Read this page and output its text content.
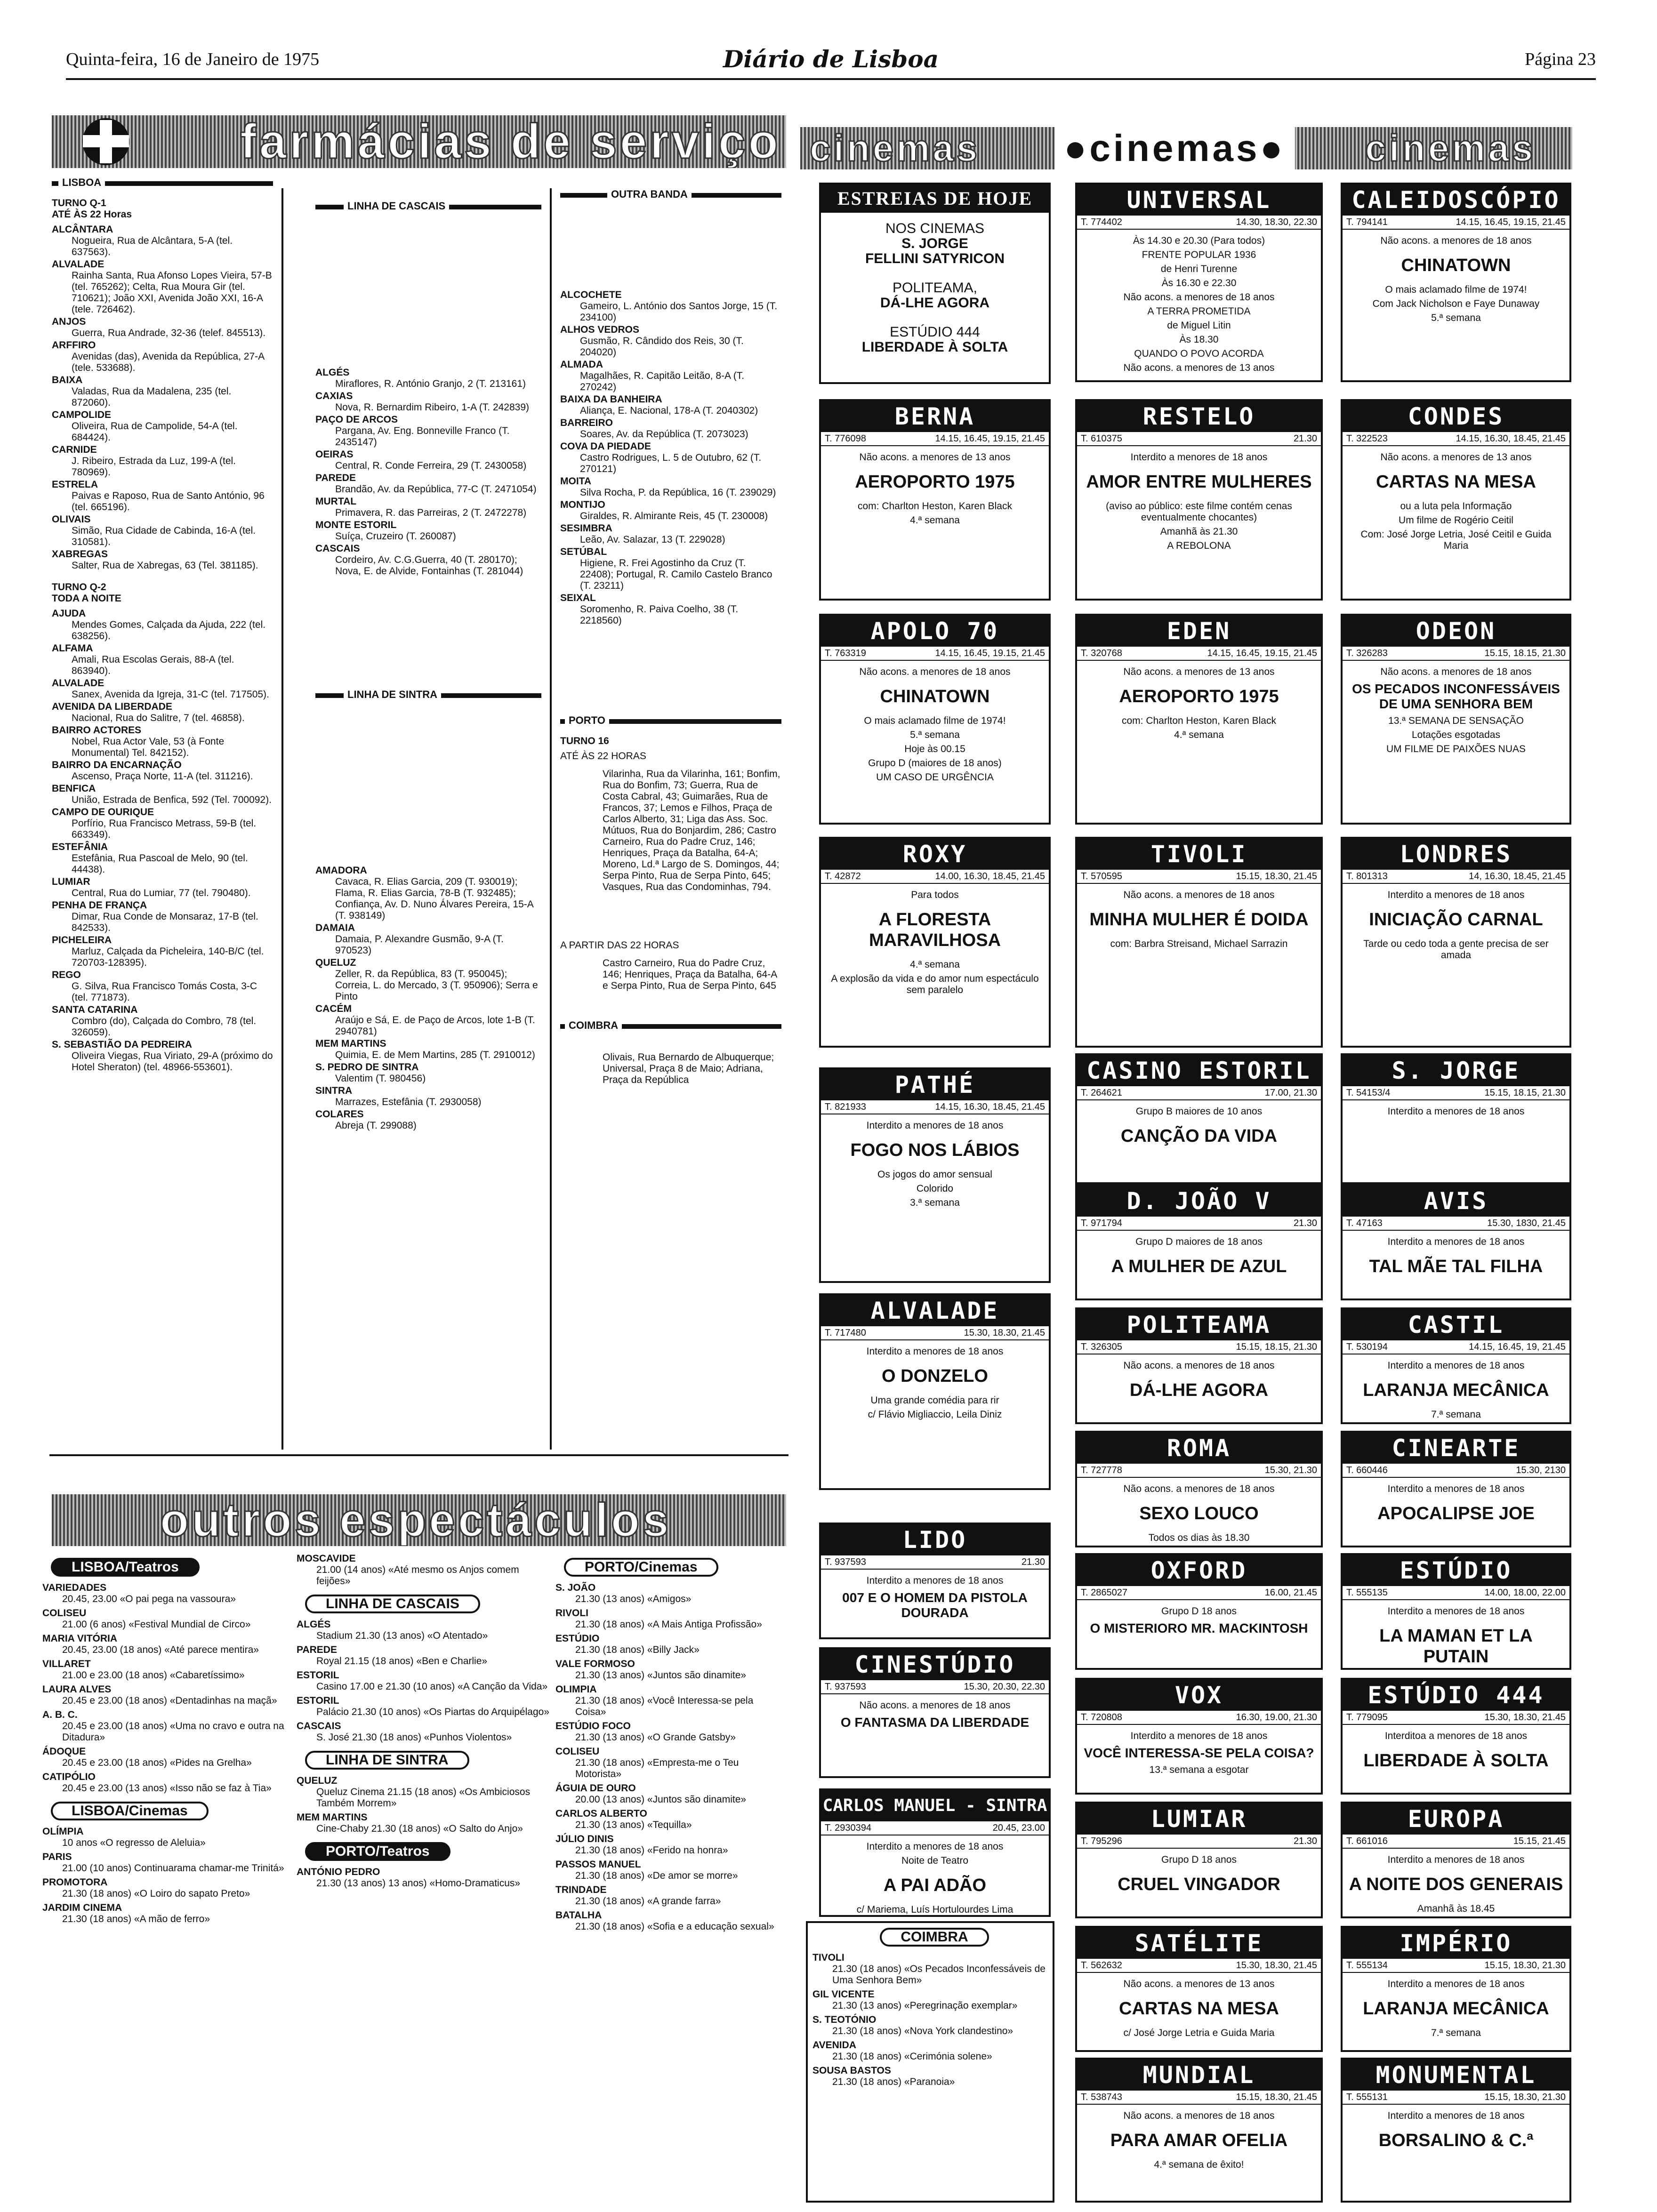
Quinta-feira, 16 de Janeiro de 1975	Diário de Lisboa	Página 23
farmácias de serviço
LISBOA
TURNO Q-1
ATÉ ÀS 22 Horas
ALCÂNTARA
Nogueira, Rua de Alcântara, 5-A (tel. 637563).
ALVALADE
Rainha Santa, Rua Afonso Lopes Vieira, 57-B (tel. 765262); Celta, Rua Moura Gir (tel. 710621); João XXI, Avenida João XXI, 16-A (tele. 726462).
ANJOS
Guerra, Rua Andrade, 32-36 (telef. 845513).
ARFFIRO
Avenidas (das), Avenida da República, 27-A (tele. 533688).
BAIXA
Valadas, Rua da Madalena, 235 (tel. 872060).
CAMPOLIDE
Oliveira, Rua de Campolide, 54-A (tel. 684424).
CARNIDE
J. Ribeiro, Estrada da Luz, 199-A (tel. 780969).
ESTRELA
Paivas e Raposo, Rua de Santo António, 96 (tel. 665196).
OLIVAIS
Simão, Rua Cidade de Cabinda, 16-A (tel. 310581).
XABREGAS
Salter, Rua de Xabregas, 63 (Tel. 381185).
TURNO Q-2
TODA A NOITE
AJUDA
Mendes Gomes, Calçada da Ajuda, 222 (tel. 638256).
ALFAMA
Amali, Rua Escolas Gerais, 88-A (tel. 863940).
ALVALADE
Sanex, Avenida da Igreja, 31-C (tel. 717505).
AVENIDA DA LIBERDADE
Nacional, Rua do Salitre, 7 (tel. 46858).
BAIRRO ACTORES
Nobel, Rua Actor Vale, 53 (à Fonte Monumental) Tel. 842152).
BAIRRO DA ENCARNAÇÃO
Ascenso, Praça Norte, 11-A (tel. 311216).
BENFICA
União, Estrada de Benfica, 592 (Tel. 700092).
CAMPO DE OURIQUE
Porfírio, Rua Francisco Metrass, 59-B (tel. 663349).
ESTEFÂNIA
Estefânia, Rua Pascoal de Melo, 90 (tel. 44438).
LUMIAR
Central, Rua do Lumiar, 77 (tel. 790480).
PENHA DE FRANÇA
Dimar, Rua Conde de Monsaraz, 17-B (tel. 842533).
PICHELEIRA
Marluz, Calçada da Picheleira, 140-B/C (tel. 720703-128395).
REGO
G. Silva, Rua Francisco Tomás Costa, 3-C (tel. 771873).
SANTA CATARINA
Combro (do), Calçada do Combro, 78 (tel. 326059).
S. SEBASTIÃO DA PEDREIRA
Oliveira Viegas, Rua Viriato, 29-A (próximo do Hotel Sheraton) (tel. 48966-553601).
LINHA DE CASCAIS
ALGÉS
Miraflores, R. António Granjo, 2 (T. 213161)
CAXIAS
Nova, R. Bernardim Ribeiro, 1-A (T. 242839)
PAÇO DE ARCOS
Pargana, Av. Eng. Bonneville Franco (T. 2435147)
OEIRAS
Central, R. Conde Ferreira, 29 (T. 2430058)
PAREDE
Brandão, Av. da República, 77-C (T. 2471054)
MURTAL
Primavera, R. das Parreiras, 2 (T. 2472278)
MONTE ESTORIL
Suíça, Cruzeiro (T. 260087)
CASCAIS
Cordeiro, Av. C.G.Guerra, 40 (T. 280170); Nova, E. de Alvide, Fontainhas (T. 281044)
LINHA DE SINTRA
AMADORA
Cavaca, R. Elias Garcia, 209 (T. 930019); Flama, R. Elias Garcia, 78-B (T. 932485); Confiança, Av. D. Nuno Álvares Pereira, 15-A (T. 938149)
DAMAIA
Damaia, P. Alexandre Gusmão, 9-A (T. 970523)
QUELUZ
Zeller, R. da República, 83 (T. 950045); Correia, L. do Mercado, 3 (T. 950906); Serra e Pinto
CACÉM
Araújo e Sá, E. de Paço de Arcos, lote 1-B (T. 2940781)
MEM MARTINS
Quimia, E. de Mem Martins, 285 (T. 2910012)
S. PEDRO DE SINTRA
Valentim (T. 980456)
SINTRA
Marrazes, Estefânia (T. 2930058)
COLARES
Abreja (T. 299088)
OUTRA BANDA
ALCOCHETE
Gameiro, L. António dos Santos Jorge, 15 (T. 234100)
ALHOS VEDROS
Gusmão, R. Cândido dos Reis, 30 (T. 204020)
ALMADA
Magalhães, R. Capitão Leitão, 8-A (T. 270242)
BAIXA DA BANHEIRA
Aliança, E. Nacional, 178-A (T. 2040302)
BARREIRO
Soares, Av. da República (T. 2073023)
COVA DA PIEDADE
Castro Rodrigues, L. 5 de Outubro, 62 (T. 270121)
MOITA
Silva Rocha, P. da República, 16 (T. 239029)
MONTIJO
Giraldes, R. Almirante Reis, 45 (T. 230008)
SESIMBRA
Leão, Av. Salazar, 13 (T. 229028)
SETÚBAL
Higiene, R. Frei Agostinho da Cruz (T. 22408); Portugal, R. Camilo Castelo Branco (T. 23211)
SEIXAL
Soromenho, R. Paiva Coelho, 38 (T. 2218560)
PORTO
TURNO 16
ATÉ ÀS 22 HORAS
Vilarinha, Rua da Vilarinha, 161; Bonfim, Rua do Bonfim, 73; Guerra, Rua de Costa Cabral, 43; Guimarães, Rua de Francos, 37; Lemos e Filhos, Praça de Carlos Alberto, 31; Liga das Ass. Soc. Mútuos, Rua do Bonjardim, 286; Castro Carneiro, Rua do Padre Cruz, 146; Henriques, Praça da Batalha, 64-A; Moreno, Ld.ª Largo de S. Domingos, 44; Serpa Pinto, Rua de Serpa Pinto, 645; Vasques, Rua das Condominhas, 794.
A PARTIR DAS 22 HORAS
Castro Carneiro, Rua do Padre Cruz, 146; Henriques, Praça da Batalha, 64-A e Serpa Pinto, Rua de Serpa Pinto, 645
COIMBRA
Olivais, Rua Bernardo de Albuquerque; Universal, Praça 8 de Maio; Adriana, Praça da República
outros espectáculos
LISBOA/Teatros
VARIEDADES
20.45, 23.00 «O pai pega na vassoura»
COLISEU
21.00 (6 anos) «Festival Mundial de Circo»
MARIA VITÓRIA
20.45, 23.00 (18 anos) «Até parece mentira»
VILLARET
21.00 e 23.00 (18 anos) «Cabaretíssimo»
LAURA ALVES
20.45 e 23.00 (18 anos) «Dentadinhas na maçã»
A. B. C.
20.45 e 23.00 (18 anos) «Uma no cravo e outra na Ditadura»
ÁDOQUE
20.45 e 23.00 (18 anos) «Pides na Grelha»
CATIPÓLIO
20.45 e 23.00 (13 anos) «Isso não se faz à Tia»
LISBOA/Cinemas
OLÍMPIA
10 anos «O regresso de Aleluia»
PARIS
21.00 (10 anos) Continuarama chamar-me Trinitá»
PROMOTORA
21.30 (18 anos) «O Loiro do sapato Preto»
JARDIM CINEMA
21.30 (18 anos) «A mão de ferro»
MOSCAVIDE
21.00 (14 anos) «Até mesmo os Anjos comem feijões»
LINHA DE CASCAIS
ALGÉS
Stadium 21.30 (13 anos) «O Atentado»
PAREDE
Royal 21.15 (18 anos) «Ben e Charlie»
ESTORIL
Casino 17.00 e 21.30 (10 anos) «A Canção da Vida»
ESTORIL
Palácio 21.30 (10 anos) «Os Piartas do Arquipélago»
CASCAIS
S. José 21.30 (18 anos) «Punhos Violentos»
LINHA DE SINTRA
QUELUZ
Queluz Cinema 21.15 (18 anos) «Os Ambiciosos Também Morrem»
MEM MARTINS
Cine-Chaby 21.30 (18 anos) «O Salto do Anjo»
PORTO/Teatros
ANTÓNIO PEDRO
21.30 (13 anos) 13 anos) «Homo-Dramaticus»
PORTO/Cinemas
S. JOÃO
21.30 (13 anos) «Amigos»
RIVOLI
21.30 (18 anos) «A Mais Antiga Profissão»
ESTÚDIO
21.30 (18 anos) «Billy Jack»
VALE FORMOSO
21.30 (13 anos) «Juntos são dinamite»
OLIMPIA
21.30 (18 anos) «Você Interessa-se pela Coisa»
ESTÚDIO FOCO
21.30 (13 anos) «O Grande Gatsby»
COLISEU
21.30 (18 anos) «Empresta-me o Teu Motorista»
ÁGUIA DE OURO
20.00 (13 anos) «Juntos são dinamite»
CARLOS ALBERTO
21.30 (13 anos) «Tequilla»
JÚLIO DINIS
21.30 (18 anos) «Ferido na honra»
PASSOS MANUEL
21.30 (18 anos) «De amor se morre»
TRINDADE
21.30 (18 anos) «A grande farra»
BATALHA
21.30 (18 anos) «Sofia e a educação sexual»
cinemas ●cinemas● cinemas
ESTREIAS DE HOJE
NOS CINEMAS
S. JORGE
FELLINI SATYRICON
POLITEAMA,
DÁ-LHE AGORA
ESTÚDIO 444
LIBERDADE À SOLTA
COIMBRA
TIVOLI
21.30 (18 anos) «Os Pecados Inconfessáveis de Uma Senhora Bem»
GIL VICENTE
21.30 (13 anos) «Peregrinação exemplar»
S. TEOTÓNIO
21.30 (18 anos) «Nova York clandestino»
AVENIDA
21.30 (18 anos) «Cerimónia solene»
SOUSA BASTOS
21.30 (18 anos) «Paranoia»
UNIVERSAL
T. 774402	14.30, 18.30, 22.30

Às 14.30 e 20.30 (Para todos)

FRENTE POPULAR 1936

de Henri Turenne

Às 16.30 e 22.30

Não acons. a menores de 18 anos

A TERRA PROMETIDA

de Miguel Litin

Às 18.30

QUANDO O POVO ACORDA

Não acons. a menores de 13 anos

CALEIDOSCÓPIO
T. 794141	14.15, 16.45, 19.15, 21.45

Não acons. a menores de 18 anos

CHINATOWN

O mais aclamado filme de 1974!

Com Jack Nicholson e Faye Dunaway

5.ª semana

BERNA
T. 776098	14.15, 16.45, 19.15, 21.45

Não acons. a menores de 13 anos

AEROPORTO 1975

com: Charlton Heston, Karen Black

4.ª semana

RESTELO
T. 610375	21.30

Interdito a menores de 18 anos

AMOR ENTRE MULHERES

(aviso ao público: este filme contém cenas eventualmente chocantes)

Amanhã às 21.30

A REBOLONA

CONDES
T. 322523	14.15, 16.30, 18.45, 21.45

Não acons. a menores de 13 anos

CARTAS NA MESA

ou a luta pela Informação

Um filme de Rogério Ceitil

Com: José Jorge Letria, José Ceitil e Guida Maria

APOLO 70
T. 763319	14.15, 16.45, 19.15, 21.45

Não acons. a menores de 18 anos

CHINATOWN

O mais aclamado filme de 1974!

5.ª semana

Hoje às 00.15

Grupo D (maiores de 18 anos)

UM CASO DE URGÊNCIA

EDEN
T. 320768	14.15, 16.45, 19.15, 21.45

Não acons. a menores de 13 anos

AEROPORTO 1975

com: Charlton Heston, Karen Black

4.ª semana

ODEON
T. 326283	15.15, 18.15, 21.30

Não acons. a menores de 18 anos

OS PECADOS INCONFESSÁVEIS DE UMA SENHORA BEM

13.ª SEMANA DE SENSAÇÃO

Lotações esgotadas

UM FILME DE PAIXÕES NUAS

ROXY
T. 42872	14.00, 16.30, 18.45, 21.45

Para todos

A FLORESTA MARAVILHOSA

4.ª semana

A explosão da vida e do amor num espectáculo sem paralelo

TIVOLI
T. 570595	15.15, 18.30, 21.45

Não acons. a menores de 18 anos

MINHA MULHER É DOIDA

com: Barbra Streisand, Michael Sarrazin

LONDRES
T. 801313	14, 16.30, 18.45, 21.45

Interdito a menores de 18 anos

INICIAÇÃO CARNAL

Tarde ou cedo toda a gente precisa de ser amada

PATHÉ
T. 821933	14.15, 16.30, 18.45, 21.45

Interdito a menores de 18 anos

FOGO NOS LÁBIOS

Os jogos do amor sensual

Colorido

3.ª semana

CASINO ESTORIL
T. 264621	17.00, 21.30

Grupo B maiores de 10 anos

CANÇÃO DA VIDA
S. JORGE
T. 54153/4	15.15, 18.15, 21.30

Interdito a menores de 18 anos

D. JOÃO V
T. 971794	21.30

Grupo D maiores de 18 anos

A MULHER DE AZUL
AVIS
T. 47163	15.30, 1830, 21.45

Interdito a menores de 18 anos

TAL MÃE TAL FILHA
ALVALADE
T. 717480	15.30, 18.30, 21.45

Interdito a menores de 18 anos

O DONZELO

Uma grande comédia para rir

c/ Flávio Migliaccio, Leila Diniz

POLITEAMA
T. 326305	15.15, 18.15, 21.30

Não acons. a menores de 18 anos

DÁ-LHE AGORA
CASTIL
T. 530194	14.15, 16.45, 19, 21.45

Interdito a menores de 18 anos

LARANJA MECÂNICA

7.ª semana

ROMA
T. 727778	15.30, 21.30

Não acons. a menores de 18 anos

SEXO LOUCO

Todos os dias às 18.30

CINEARTE
T. 660446	15.30, 2130

Interdito a menores de 18 anos

APOCALIPSE JOE
LIDO
T. 937593	21.30

Interdito a menores de 18 anos

007 E O HOMEM DA PISTOLA DOURADA
OXFORD
T. 2865027	16.00, 21.45

Grupo D 18 anos

O MISTERIORO MR. MACKINTOSH
ESTÚDIO
T. 555135	14.00, 18.00, 22.00

Interdito a menores de 18 anos

LA MAMAN ET LA PUTAIN

CINESTÚDIO
T. 937593	15.30, 20.30, 22.30

Não acons. a menores de 18 anos

O FANTASMA DA LIBERDADE
VOX
T. 720808	16.30, 19.00, 21.30

Interdito a menores de 18 anos

VOCÊ INTERESSA-SE PELA COISA?

13.ª semana a esgotar

ESTÚDIO 444
T. 779095	15.30, 18.30, 21.45

Interditoa a menores de 18 anos

LIBERDADE À SOLTA
CARLOS MANUEL - SINTRA
T. 2930394	20.45, 23.00

Interdito a menores de 18 anos

Noite de Teatro

A PAI ADÃO

c/ Mariema, Luís Hortulourdes Lima

LUMIAR
T. 795296	21.30

Grupo D 18 anos

CRUEL VINGADOR
EUROPA
T. 661016	15.15, 21.45

Interdito a menores de 18 anos

A NOITE DOS GENERAIS

Amanhã às 18.45

SATÉLITE
T. 562632	15.30, 18.30, 21.45

Não acons. a menores de 13 anos

CARTAS NA MESA

c/ José Jorge Letria e Guida Maria

IMPÉRIO
T. 555134	15.15, 18.30, 21.30

Interdito a menores de 18 anos

LARANJA MECÂNICA

7.ª semana

MUNDIAL
T. 538743	15.15, 18.30, 21.45

Não acons. a menores de 18 anos

PARA AMAR OFELIA

4.ª semana de êxito!

MONUMENTAL
T. 555131	15.15, 18.30, 21.30

Interdito a menores de 18 anos

BORSALINO & C.ª
